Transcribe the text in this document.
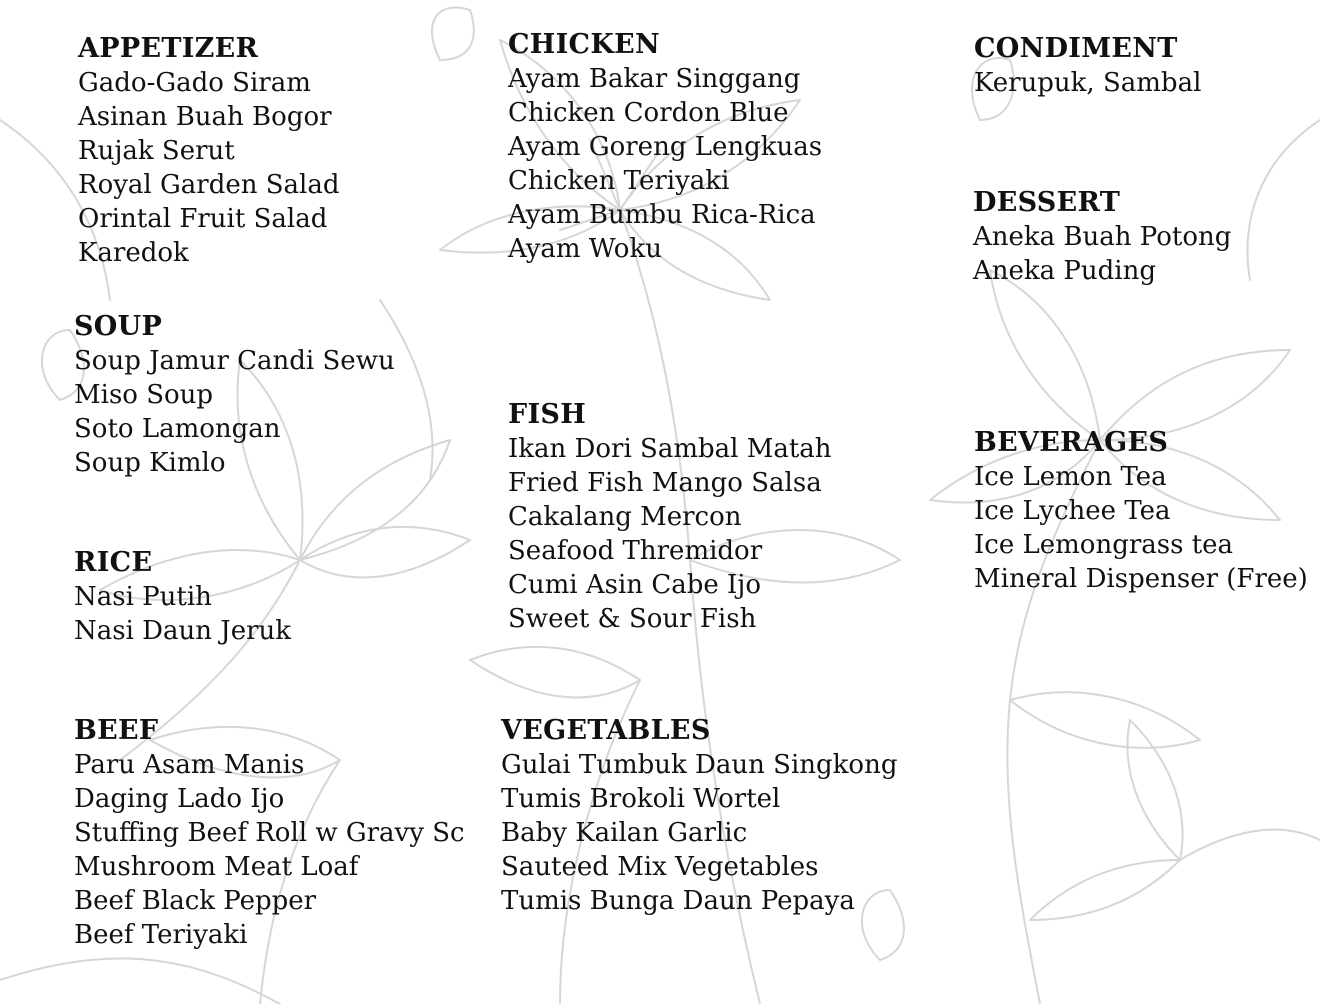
APPETIZER
Gado-Gado Siram
Asinan Buah Bogor
Rujak Serut
Royal Garden Salad
Orintal Fruit Salad
Karedok
SOUP
Soup Jamur Candi Sewu
Miso Soup
Soto Lamongan
Soup Kimlo
RICE
Nasi Putih
Nasi Daun Jeruk
BEEF
Paru Asam Manis
Daging Lado Ijo
Stuffing Beef Roll w Gravy Sc
Mushroom Meat Loaf
Beef Black Pepper
Beef Teriyaki
CHICKEN
Ayam Bakar Singgang
Chicken Cordon Blue
Ayam Goreng Lengkuas
Chicken Teriyaki
Ayam Bumbu Rica-Rica
Ayam Woku
FISH
Ikan Dori Sambal Matah
Fried Fish Mango Salsa
Cakalang Mercon
Seafood Thremidor
Cumi Asin Cabe Ijo
Sweet & Sour Fish
VEGETABLES
Gulai Tumbuk Daun Singkong
Tumis Brokoli Wortel
Baby Kailan Garlic
Sauteed Mix Vegetables
Tumis Bunga Daun Pepaya
CONDIMENT
Kerupuk, Sambal
DESSERT
Aneka Buah Potong
Aneka Puding
BEVERAGES
Ice Lemon Tea
Ice Lychee Tea
Ice Lemongrass tea
Mineral Dispenser (Free)
